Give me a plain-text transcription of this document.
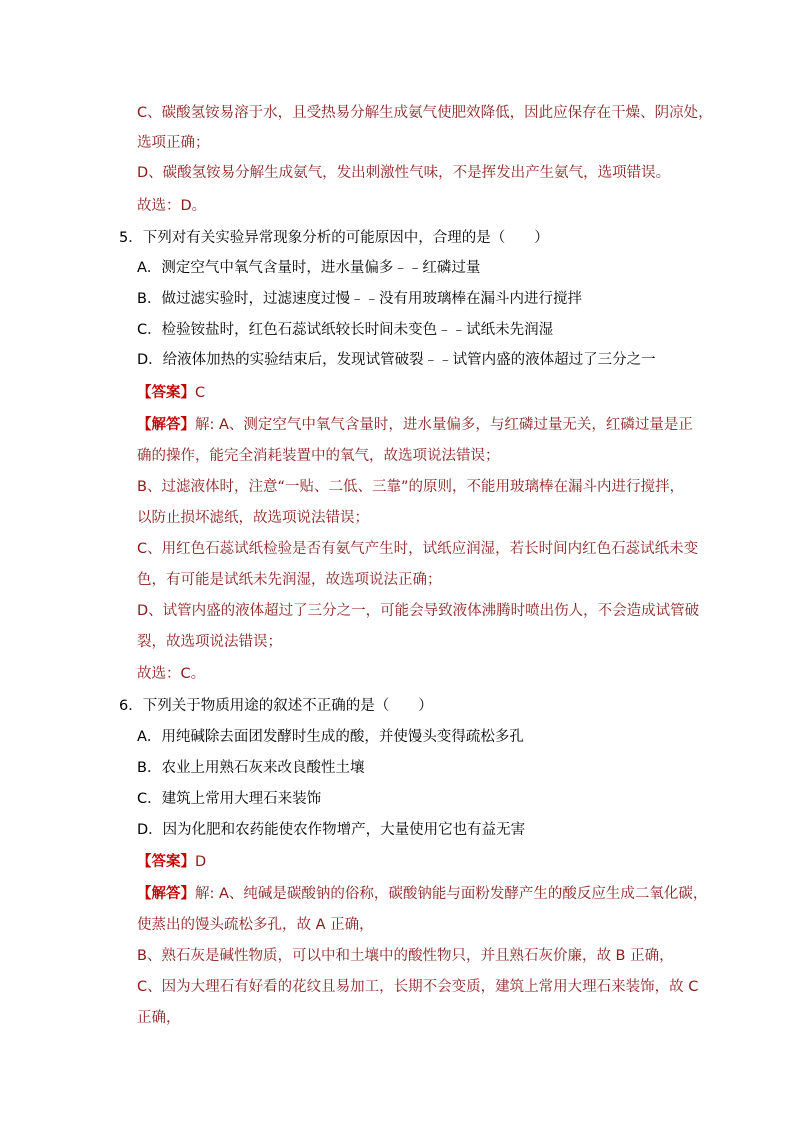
C、碳酸氢铵易溶于水，且受热易分解生成氨气使肥效降低，因此应保存在干燥、阴凉处，
选项正确；
D、碳酸氢铵易分解生成氨气，发出刺激性气味，不是挥发出产生氨气，选项错误。
故选：D。
5．下列对有关实验异常现象分析的可能原因中，合理的是（　　）
A．测定空气中氧气含量时，进水量偏多﹣﹣红磷过量
B．做过滤实验时，过滤速度过慢﹣﹣没有用玻璃棒在漏斗内进行搅拌
C．检验铵盐时，红色石蕊试纸较长时间未变色﹣﹣试纸未先润湿
D．给液体加热的实验结束后，发现试管破裂﹣﹣试管内盛的液体超过了三分之一
【答案】C
【解答】解: A、测定空气中氧气含量时，进水量偏多，与红磷过量无关，红磷过量是正
确的操作，能完全消耗装置中的氧气，故选项说法错误；
B、过滤液体时，注意“一贴、二低、三靠”的原则，不能用玻璃棒在漏斗内进行搅拌，
以防止损坏滤纸，故选项说法错误；
C、用红色石蕊试纸检验是否有氨气产生时，试纸应润湿，若长时间内红色石蕊试纸未变
色，有可能是试纸未先润湿，故选项说法正确；
D、试管内盛的液体超过了三分之一，可能会导致液体沸腾时喷出伤人，不会造成试管破
裂，故选项说法错误；
故选：C。
6．下列关于物质用途的叙述不正确的是（　　）
A．用纯碱除去面团发酵时生成的酸，并使馒头变得疏松多孔
B．农业上用熟石灰来改良酸性土壤
C．建筑上常用大理石来装饰
D．因为化肥和农药能使农作物增产，大量使用它也有益无害
【答案】D
【解答】解: A、纯碱是碳酸钠的俗称，碳酸钠能与面粉发酵产生的酸反应生成二氧化碳，
使蒸出的馒头疏松多孔，故 A 正确，
B、熟石灰是碱性物质，可以中和土壤中的酸性物只，并且熟石灰价廉，故 B 正确，
C、因为大理石有好看的花纹且易加工，长期不会变质，建筑上常用大理石来装饰，故 C
正确，
